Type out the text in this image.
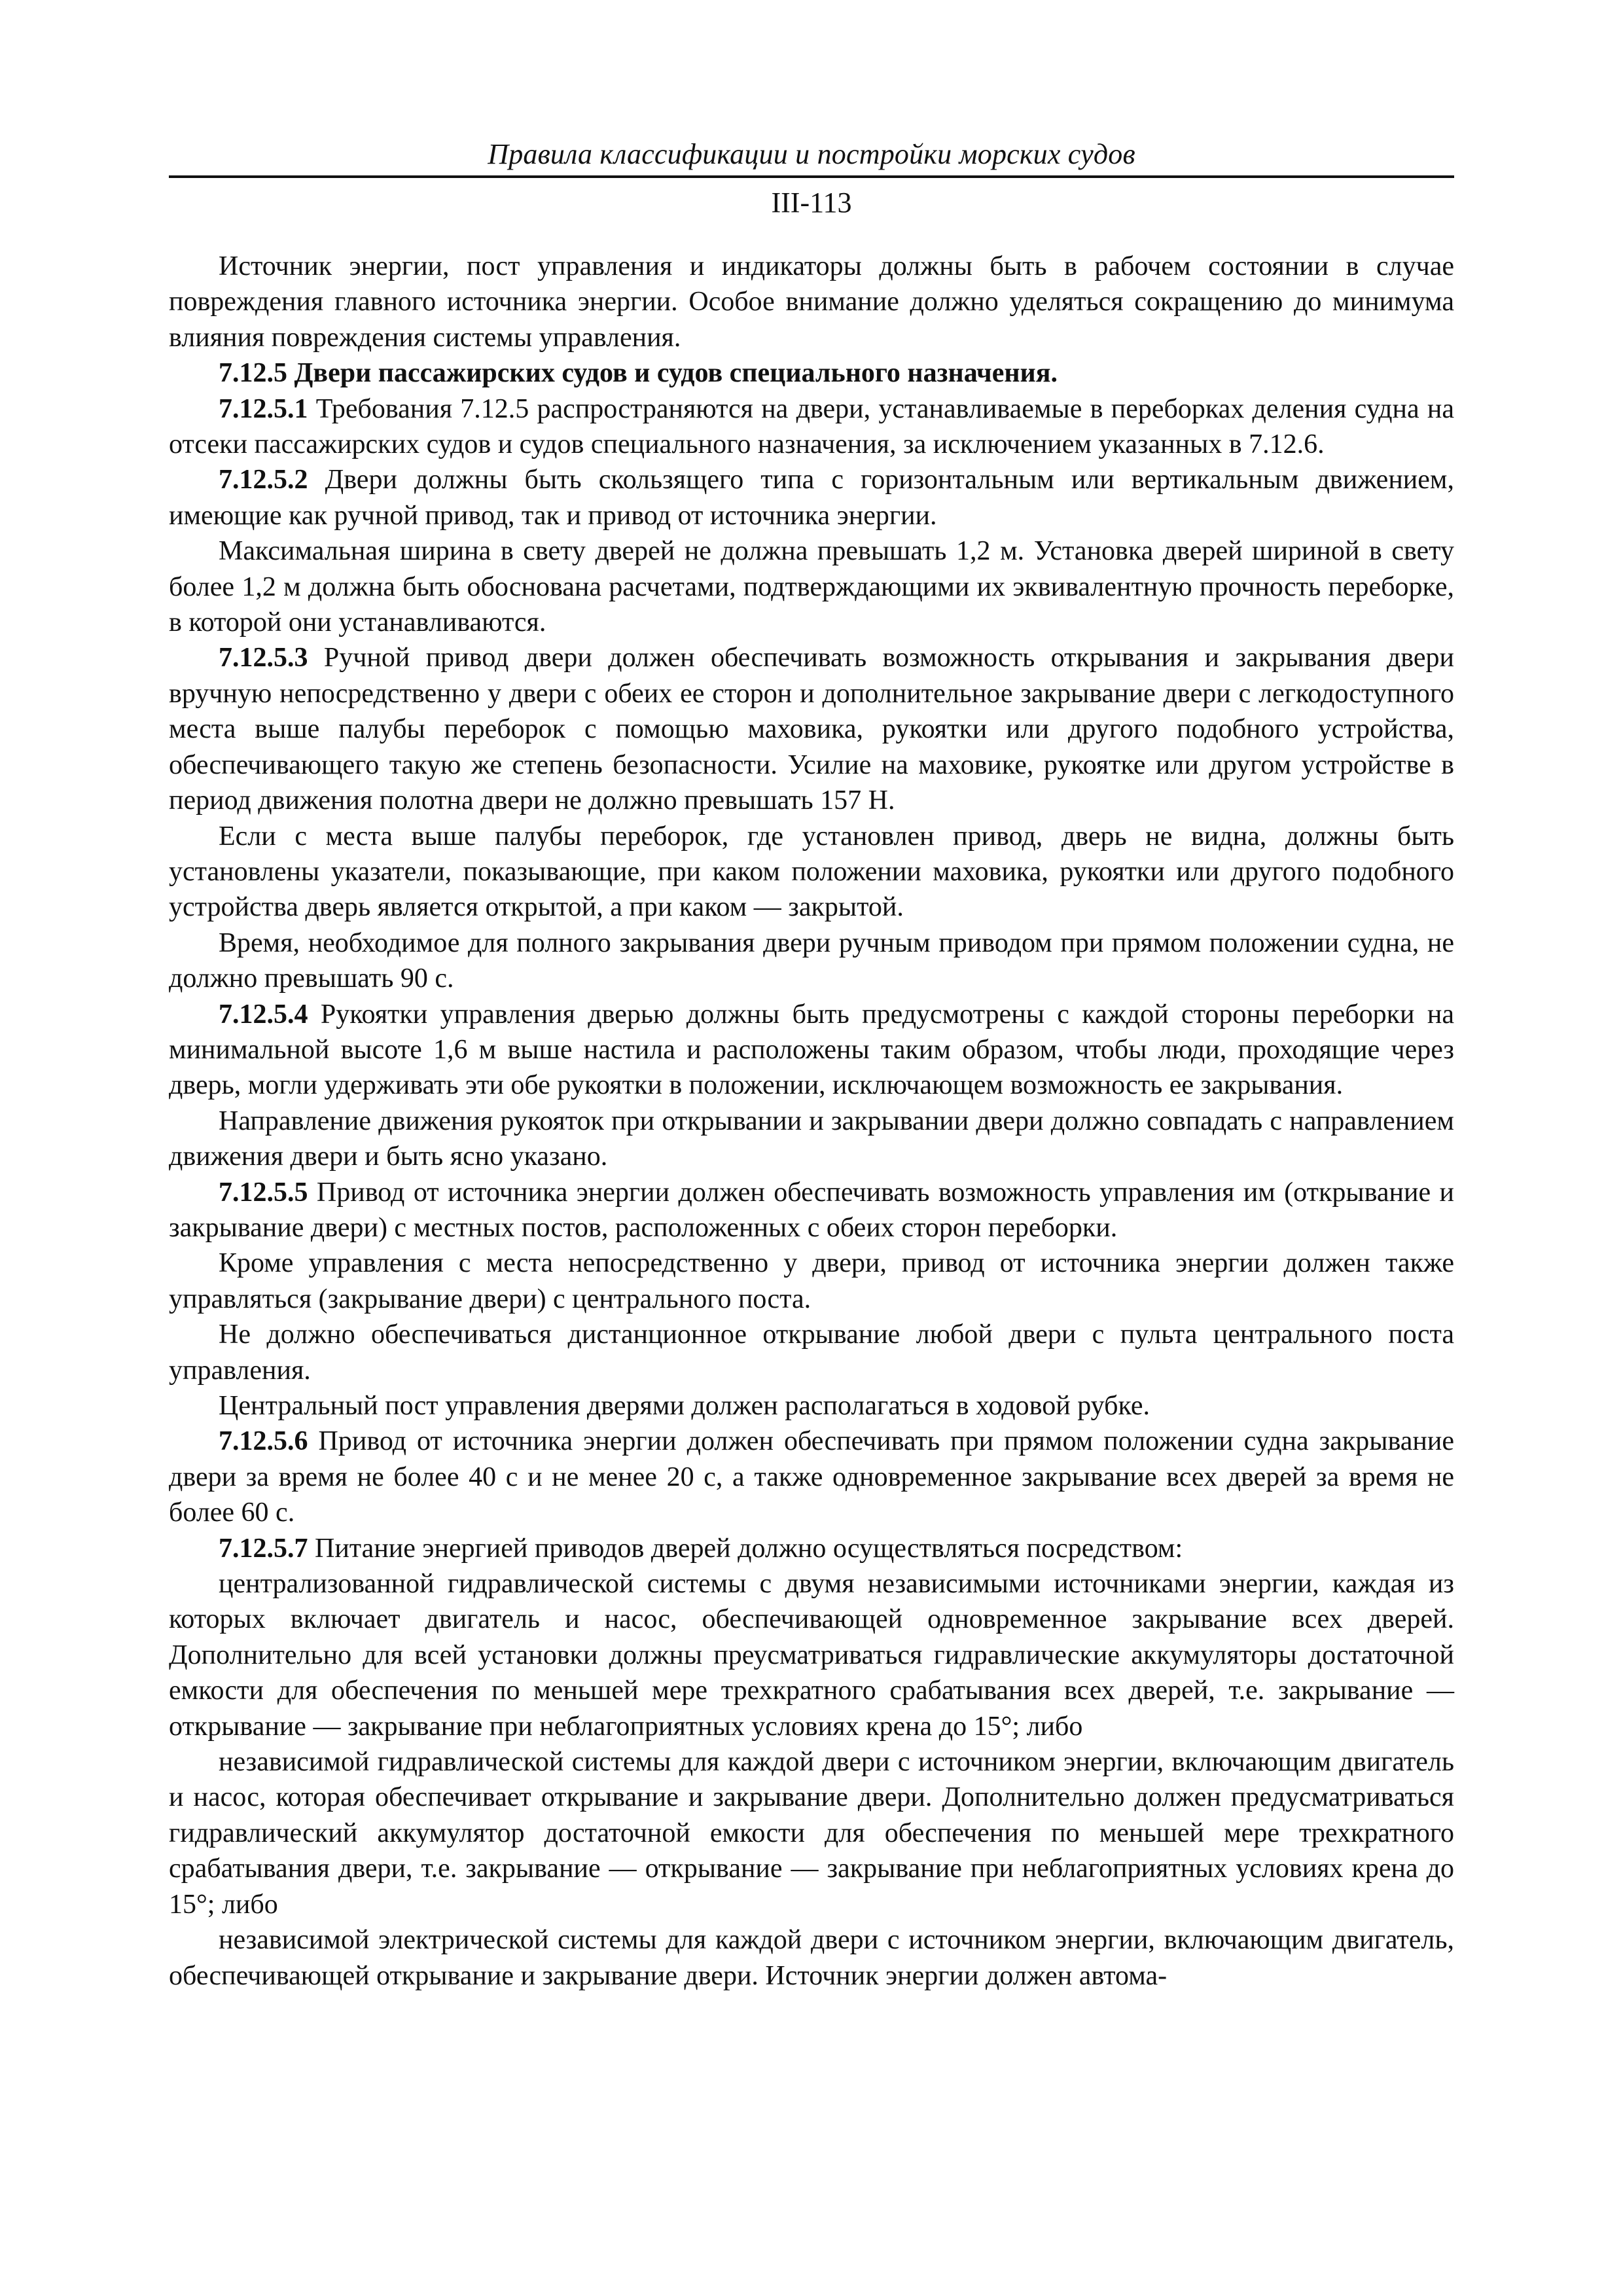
Правила классификации и постройки морских судов
III-113

Источник энергии, пост управления и индикаторы должны быть в рабочем состоянии в случае повреждения главного источника энергии. Особое внимание должно уделяться сокращению до минимума влияния повреждения системы управления.

7.12.5 Двери пассажирских судов и судов специального назначения.

7.12.5.1 Требования 7.12.5 распространяются на двери, устанавливаемые в переборках деления судна на отсеки пассажирских судов и судов специального назначения, за исключением указанных в 7.12.6.

7.12.5.2 Двери должны быть скользящего типа с горизонтальным или вертикальным движением, имеющие как ручной привод, так и привод от источника энергии.

Максимальная ширина в свету дверей не должна превышать 1,2 м. Установка дверей шириной в свету более 1,2 м должна быть обоснована расчетами, подтверждающими их эквивалентную прочность переборке, в которой они устанавливаются.

7.12.5.3 Ручной привод двери должен обеспечивать возможность открывания и закрывания двери вручную непосредственно у двери с обеих ее сторон и дополнительное закрывание двери с легкодоступного места выше палубы переборок с помощью маховика, рукоятки или другого подобного устройства, обеспечивающего такую же степень безопасности. Усилие на маховике, рукоятке или другом устройстве в период движения полотна двери не должно превышать 157 Н.

Если с места выше палубы переборок, где установлен привод, дверь не видна, должны быть установлены указатели, показывающие, при каком положении маховика, рукоятки или другого подобного устройства дверь является открытой, а при каком — закрытой.

Время, необходимое для полного закрывания двери ручным приводом при прямом положении судна, не должно превышать 90 с.

7.12.5.4 Рукоятки управления дверью должны быть предусмотрены с каждой стороны переборки на минимальной высоте 1,6 м выше настила и расположены таким образом, чтобы люди, проходящие через дверь, могли удерживать эти обе рукоятки в положении, исключающем возможность ее закрывания.

Направление движения рукояток при открывании и закрывании двери должно совпадать с направлением движения двери и быть ясно указано.

7.12.5.5 Привод от источника энергии должен обеспечивать возможность управления им (открывание и закрывание двери) с местных постов, расположенных с обеих сторон переборки.

Кроме управления с места непосредственно у двери, привод от источника энергии должен также управляться (закрывание двери) с центрального поста.

Не должно обеспечиваться дистанционное открывание любой двери с пульта центрального поста управления.

Центральный пост управления дверями должен располагаться в ходовой рубке.

7.12.5.6 Привод от источника энергии должен обеспечивать при прямом положении судна закрывание двери за время не более 40 с и не менее 20 с, а также одновременное закрывание всех дверей за время не более 60 с.

7.12.5.7 Питание энергией приводов дверей должно осуществляться посредством:

централизованной гидравлической системы с двумя независимыми источниками энергии, каждая из которых включает двигатель и насос, обеспечивающей одновременное закрывание всех дверей. Дополнительно для всей установки должны преусматриваться гидравлические аккумуляторы достаточной емкости для обеспечения по меньшей мере трехкратного срабатывания всех дверей, т.е. закрывание — открывание — закрывание при неблагоприятных условиях крена до 15°; либо

независимой гидравлической системы для каждой двери с источником энергии, включающим двигатель и насос, которая обеспечивает открывание и закрывание двери. Дополнительно должен предусматриваться гидравлический аккумулятор достаточной емкости для обеспечения по меньшей мере трехкратного срабатывания двери, т.е. закрывание — открывание — закрывание при неблагоприятных условиях крена до 15°; либо

независимой электрической системы для каждой двери с источником энергии, включающим двигатель, обеспечивающей открывание и закрывание двери. Источник энергии должен автома-
